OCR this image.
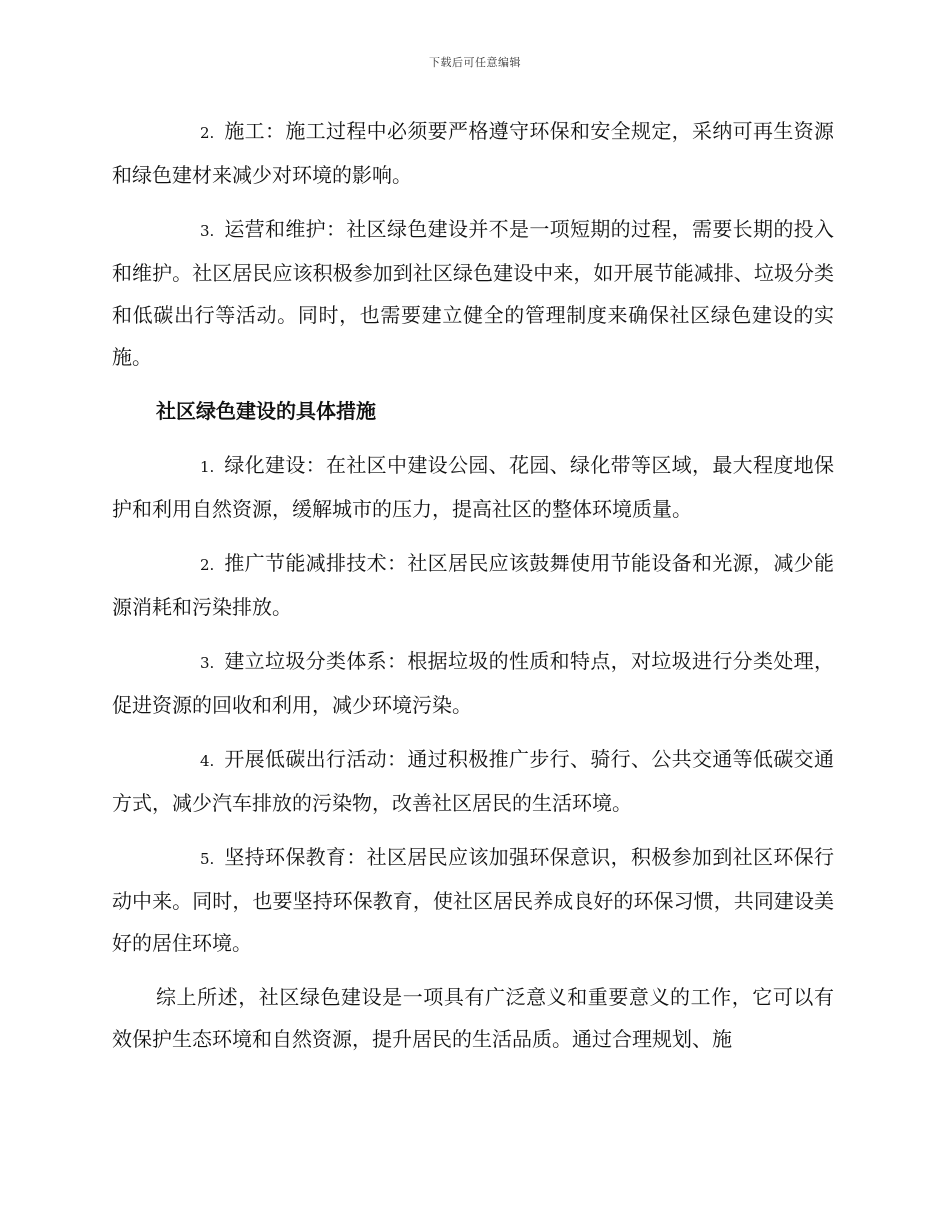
下载后可任意编辑

2. 施工：施工过程中必须要严格遵守环保和安全规定，采纳可再生资源和绿色建材来减少对环境的影响。

3. 运营和维护：社区绿色建设并不是一项短期的过程，需要长期的投入和维护。社区居民应该积极参加到社区绿色建设中来，如开展节能减排、垃圾分类和低碳出行等活动。同时，也需要建立健全的管理制度来确保社区绿色建设的实施。

社区绿色建设的具体措施

1. 绿化建设：在社区中建设公园、花园、绿化带等区域，最大程度地保护和利用自然资源，缓解城市的压力，提高社区的整体环境质量。

2. 推广节能减排技术：社区居民应该鼓舞使用节能设备和光源，减少能源消耗和污染排放。

3. 建立垃圾分类体系：根据垃圾的性质和特点，对垃圾进行分类处理，促进资源的回收和利用，减少环境污染。

4. 开展低碳出行活动：通过积极推广步行、骑行、公共交通等低碳交通方式，减少汽车排放的污染物，改善社区居民的生活环境。

5. 坚持环保教育：社区居民应该加强环保意识，积极参加到社区环保行动中来。同时，也要坚持环保教育，使社区居民养成良好的环保习惯，共同建设美好的居住环境。

综上所述，社区绿色建设是一项具有广泛意义和重要意义的工作，它可以有效保护生态环境和自然资源，提升居民的生活品质。通过合理规划、施
